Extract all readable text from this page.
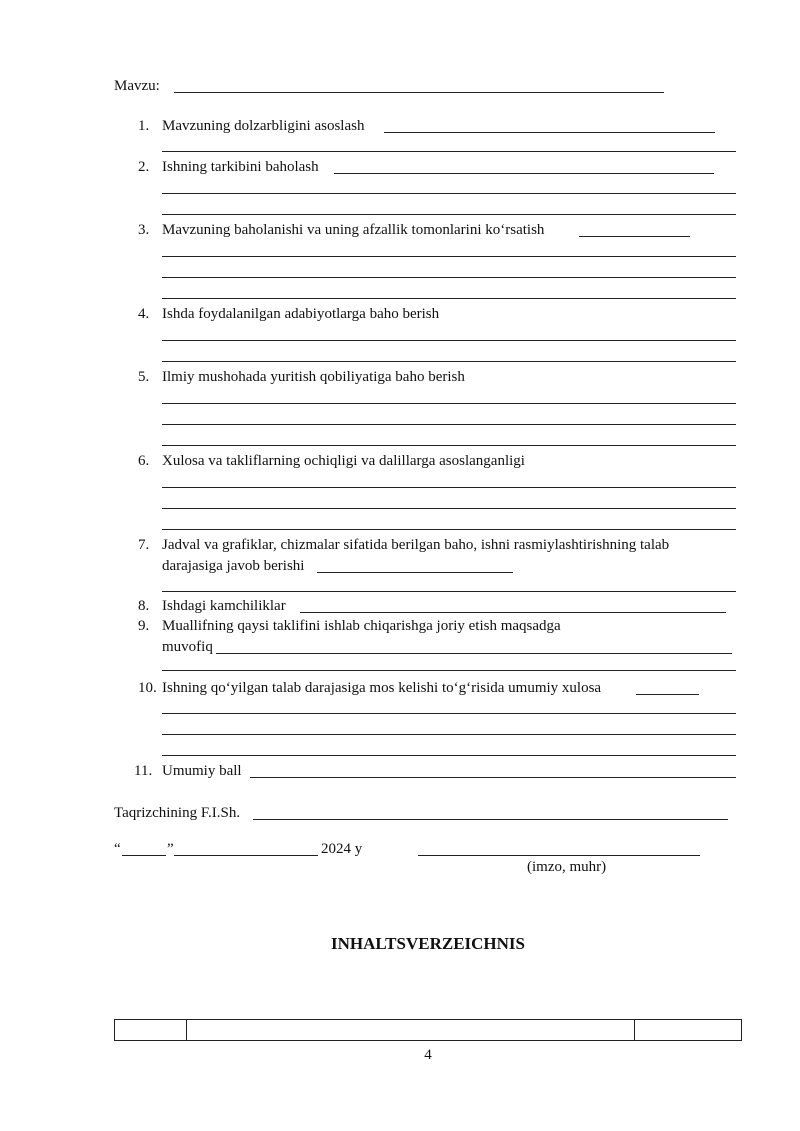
Mavzu:
1. Mavzuning dolzarbligini asoslash
2. Ishning tarkibini baholash
3. Mavzuning baholanishi va uning afzallik tomonlarini ko‘rsatish
4. Ishda foydalanilgan adabiyotlarga baho berish
5. Ilmiy mushohada yuritish qobiliyatiga baho berish
6. Xulosa va takliflarning ochiqligi va dalillarga asoslanganligi
7. Jadval va grafiklar, chizmalar sifatida berilgan baho, ishni rasmiylashtirishning talab
darajasiga javob berishi
8. Ishdagi kamchiliklar
9. Muallifning qaysi taklifini ishlab chiqarishga joriy etish maqsadga
muvofiq
10. Ishning qo‘yilgan talab darajasiga mos kelishi to‘g‘risida umumiy xulosa
11. Umumiy ball
Taqrizchining F.I.Sh.
“	”	2024 y
(imzo, muhr)
INHALTSVERZEICHNIS
4
